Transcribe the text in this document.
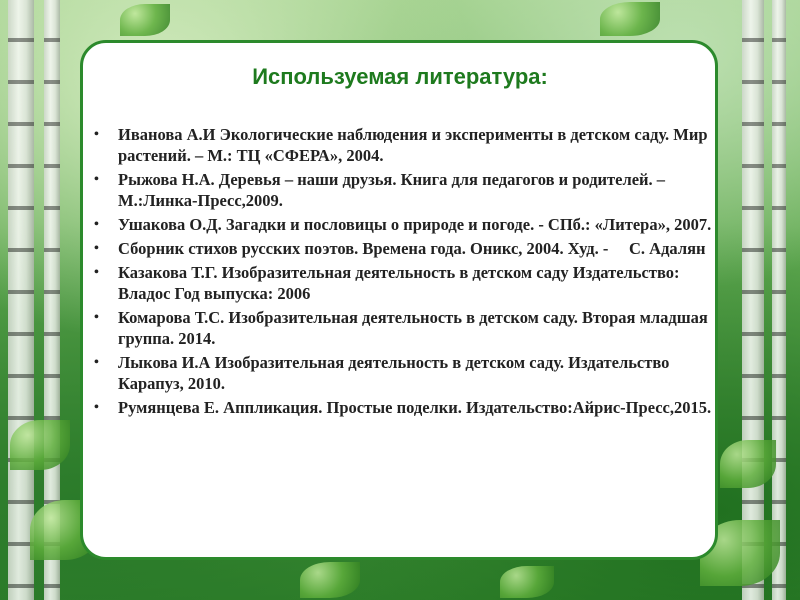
Используемая литература:
• Иванова А.И Экологические наблюдения и эксперименты в детском саду. Мир растений. – М.: ТЦ «СФЕРА», 2004.
• Рыжова Н.А. Деревья – наши друзья. Книга для педагогов и родителей. – М.:Линка-Пресс,2009.
• Ушакова О.Д. Загадки и пословицы о природе и погоде. - СПб.: «Литера», 2007.
• Сборник стихов русских поэтов. Времена года. Оникс, 2004. Худ. -     С. Адалян
• Казакова Т.Г. Изобразительная деятельность в детском саду Издательство: Владос Год выпуска: 2006
• Комарова Т.С. Изобразительная деятельность в детском саду. Вторая младшая группа. 2014.
• Лыкова И.А Изобразительная деятельность в детском саду. Издательство Карапуз, 2010.
• Румянцева Е. Аппликация. Простые поделки. Издательство:Айрис-Пресс,2015.
